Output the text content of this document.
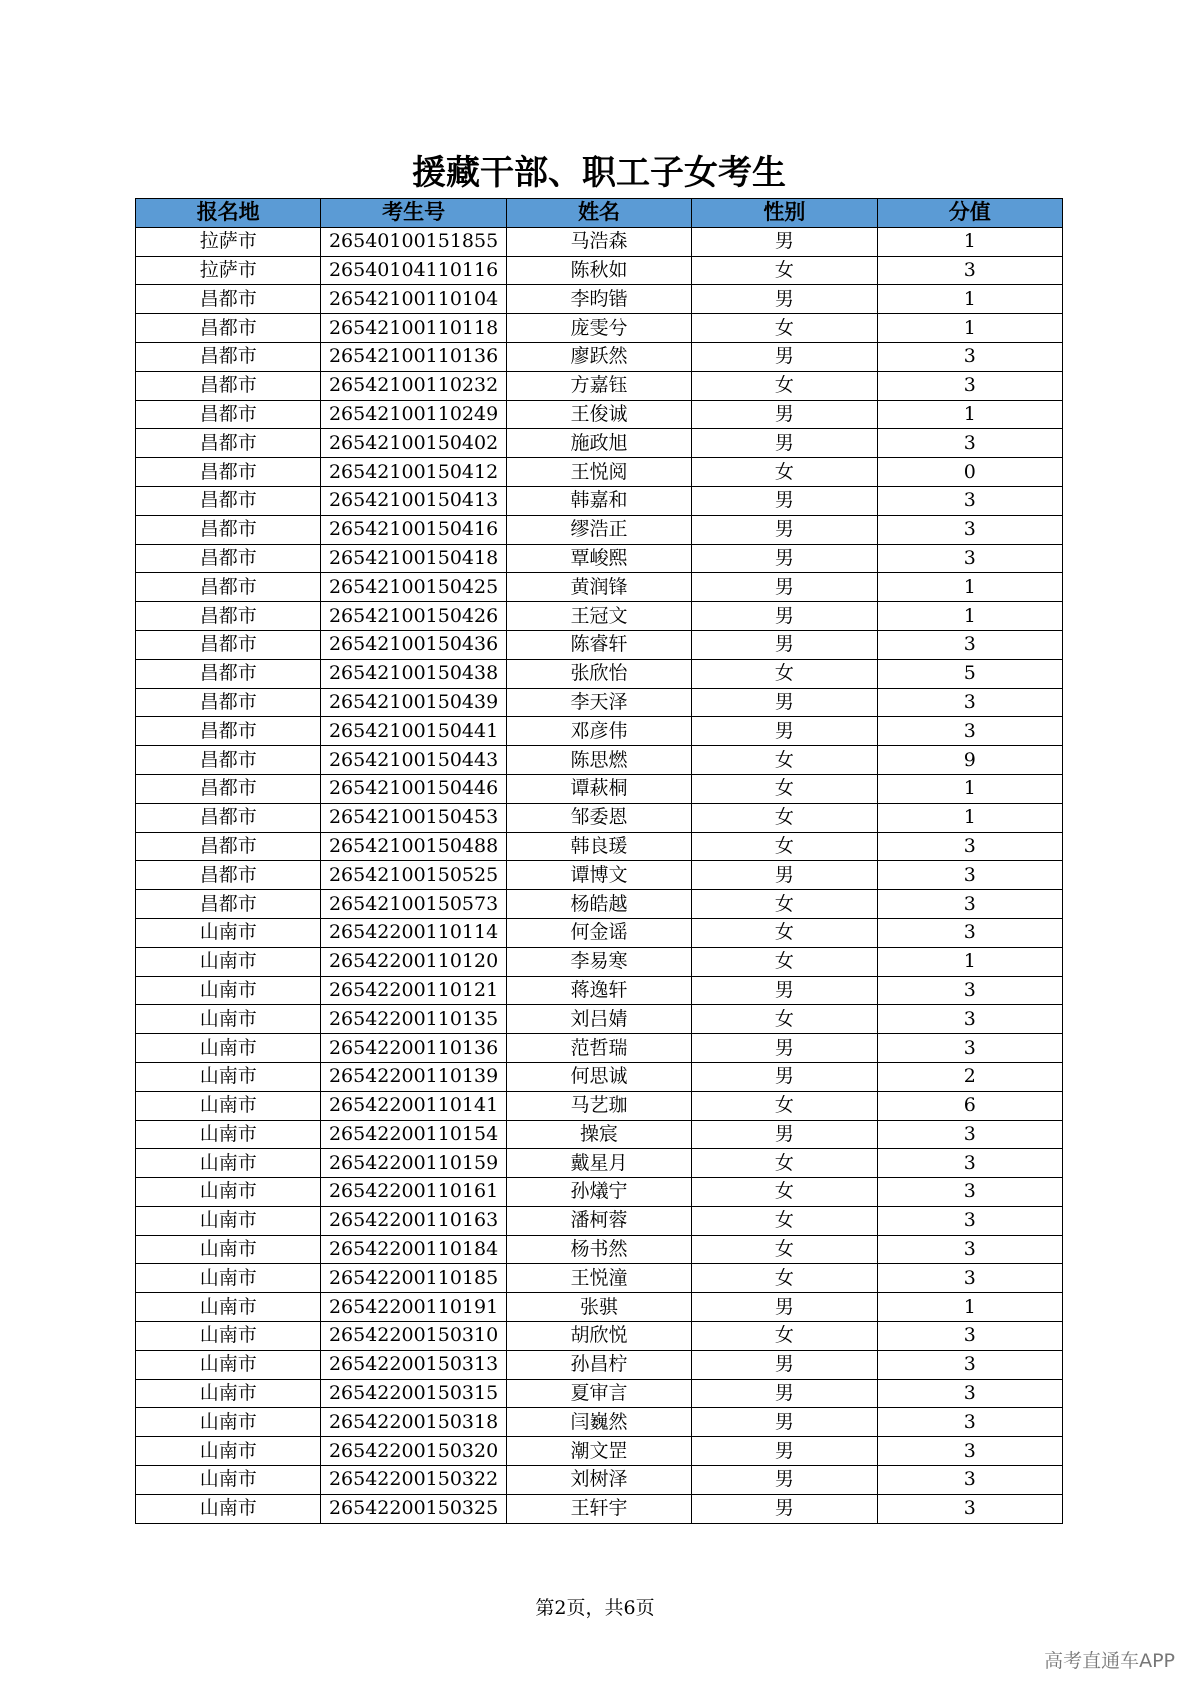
援藏干部、职工子女考生
报名地	考生号	姓名	性别	分值
拉萨市	26540100151855	马浩森	男	1
拉萨市	26540104110116	陈秋如	女	3
昌都市	26542100110104	李昀锴	男	1
昌都市	26542100110118	庞雯兮	女	1
昌都市	26542100110136	廖跃然	男	3
昌都市	26542100110232	方嘉钰	女	3
昌都市	26542100110249	王俊诚	男	1
昌都市	26542100150402	施政旭	男	3
昌都市	26542100150412	王悦阅	女	0
昌都市	26542100150413	韩嘉和	男	3
昌都市	26542100150416	缪浩正	男	3
昌都市	26542100150418	覃峻熙	男	3
昌都市	26542100150425	黄润锋	男	1
昌都市	26542100150426	王冠文	男	1
昌都市	26542100150436	陈睿轩	男	3
昌都市	26542100150438	张欣怡	女	5
昌都市	26542100150439	李天泽	男	3
昌都市	26542100150441	邓彦伟	男	3
昌都市	26542100150443	陈思燃	女	9
昌都市	26542100150446	谭萩桐	女	1
昌都市	26542100150453	邹委恩	女	1
昌都市	26542100150488	韩良瑗	女	3
昌都市	26542100150525	谭博文	男	3
昌都市	26542100150573	杨皓越	女	3
山南市	26542200110114	何金谣	女	3
山南市	26542200110120	李易寒	女	1
山南市	26542200110121	蒋逸轩	男	3
山南市	26542200110135	刘吕婧	女	3
山南市	26542200110136	范哲瑞	男	3
山南市	26542200110139	何思诚	男	2
山南市	26542200110141	马艺珈	女	6
山南市	26542200110154	操宸	男	3
山南市	26542200110159	戴星月	女	3
山南市	26542200110161	孙燨宁	女	3
山南市	26542200110163	潘柯蓉	女	3
山南市	26542200110184	杨书然	女	3
山南市	26542200110185	王悦潼	女	3
山南市	26542200110191	张骐	男	1
山南市	26542200150310	胡欣悦	女	3
山南市	26542200150313	孙昌柠	男	3
山南市	26542200150315	夏审言	男	3
山南市	26542200150318	闫巍然	男	3
山南市	26542200150320	潮文罡	男	3
山南市	26542200150322	刘树泽	男	3
山南市	26542200150325	王轩宇	男	3
第2页，共6页
高考直通车APP
